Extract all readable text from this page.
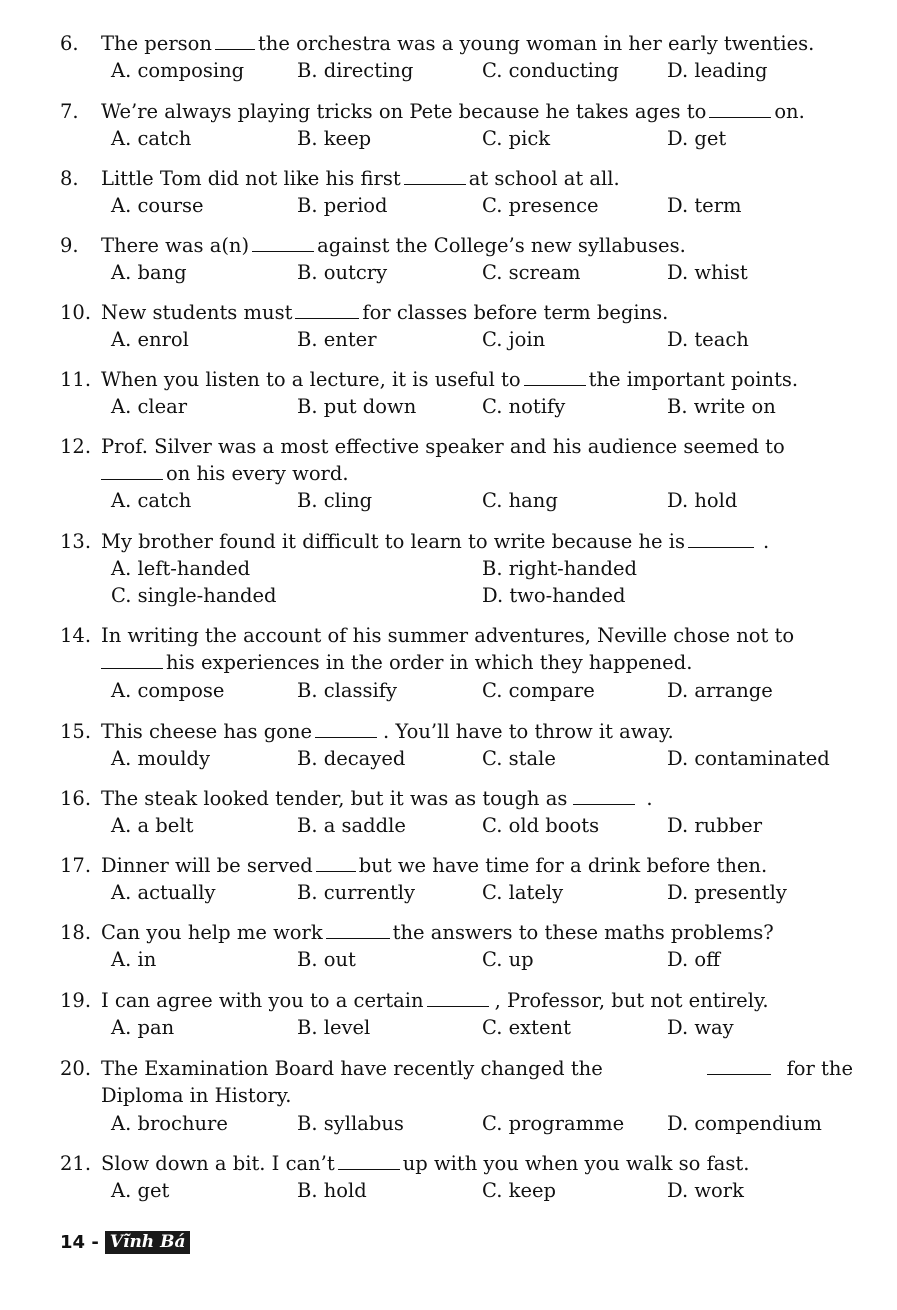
6. The person the orchestra was a young woman in her early twenties.
A. composing	B. directing	C. conducting D. leading
7. We’re always playing tricks on Pete because he takes ages to	on.
A. catch	B. keep	C. pick	D. get
8. Little Tom did not like his first	at school at all.
A. course	B. period	C. presence	D. term
9. There was a(n)	against the College’s new syllabuses.
A. bang	B. outcry	C. scream	D. whist
10. New students must	for classes before term begins.
A. enrol	B. enter	C. join	D. teach
11. When you listen to a lecture, it is useful to	the important points.
A. clear	B. put down	C. notify	B. write on
12. Prof. Silver was a most effective speaker and his audience seemed to
on his every word.
A. catch	B. cling	C. hang	D. hold
13. My brother found it difficult to learn to write because he is	.
A. left-handed	B. right-handed
C. single-handed	D. two-handed
14. In writing the account of his summer adventures, Neville chose not to
his experiences in the order in which they happened.
A. compose	B. classify	C. compare	D. arrange
15. This cheese has gone	. You’ll have to throw it away.
A. mouldy	B. decayed	C. stale	D. contaminated
16. The steak looked tender, but it was as tough as	.
A. a belt	B. a saddle	C. old boots	D. rubber
17. Dinner will be served but we have time for a drink before then.
A. actually	B. currently	C. lately	D. presently
18. Can you help me work	the answers to these maths problems?
A. in	B. out	C. up	D. off
19. I can agree with you to a certain	, Professor, but not entirely.
A. pan	B. level	C. extent	D. way
20. The Examination Board have recently changed the	for the
Diploma in History.
A. brochure	B. syllabus	C. programme D. compendium
21. Slow down a bit. I can’t	up with you when you walk so fast.
A. get	B. hold	C. keep	D. work
14 - Vĩnh Bá
